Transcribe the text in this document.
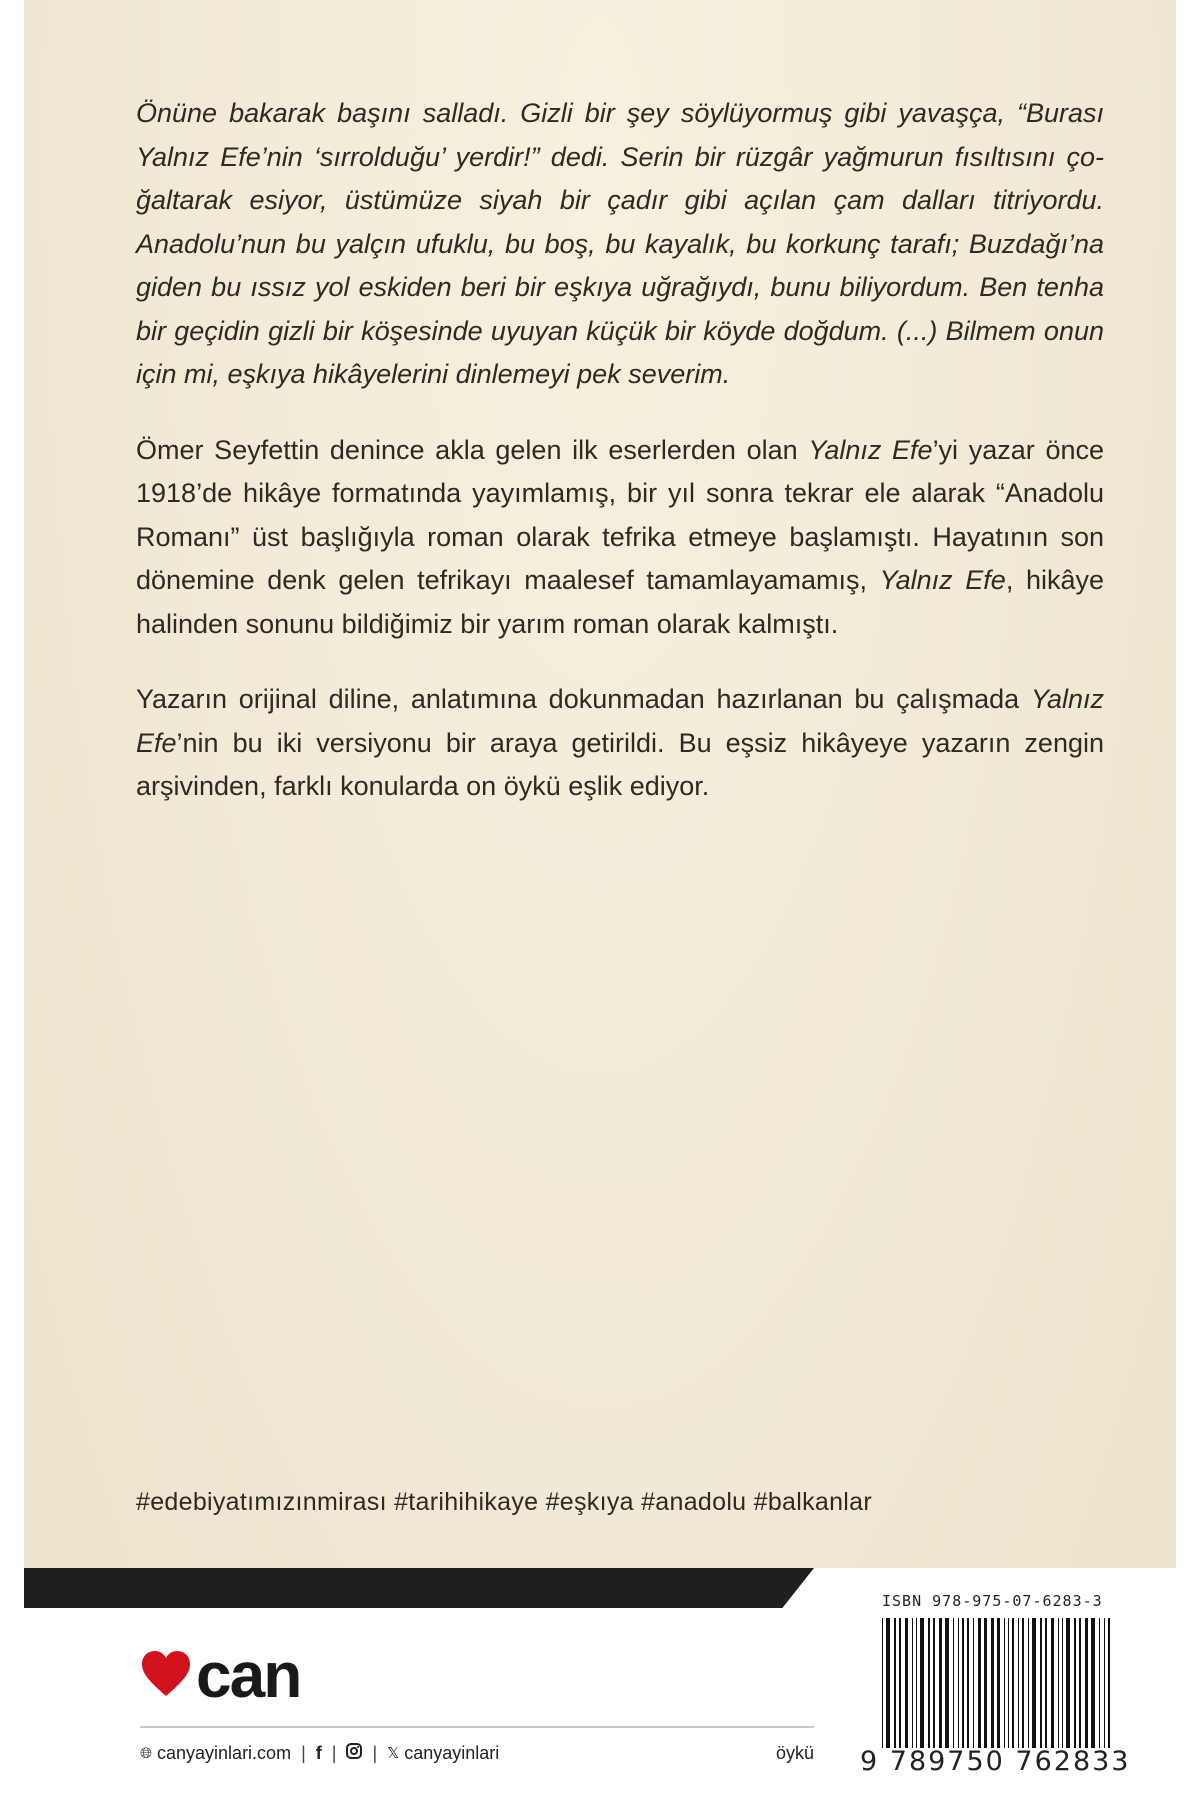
Önüne bakarak başını salladı. Gizli bir şey söylüyormuş gibi yavaşça, “Burası Yalnız Efe’nin ‘sırrolduğu’ yerdir!” dedi. Serin bir rüzgâr yağmurun fısıltısını çoğaltarak esiyor, üstümüze siyah bir çadır gibi açılan çam dalları titriyordu. Anadolu’nun bu yalçın ufuklu, bu boş, bu kayalık, bu korkunç tarafı; Buzdağı’na giden bu ıssız yol eskiden beri bir eşkıya uğrağıydı, bunu biliyordum. Ben tenha bir geçidin gizli bir köşesinde uyuyan küçük bir köyde doğdum. (...) Bilmem onun için mi, eşkıya hikâyelerini dinlemeyi pek severim.

Ömer Seyfettin denince akla gelen ilk eserlerden olan Yalnız Efe’yi yazar önce 1918’de hikâye formatında yayımlamış, bir yıl sonra tekrar ele alarak “Anadolu Romanı” üst başlığıyla roman olarak tefrika etmeye başlamıştı. Hayatının son dönemine denk gelen tefrikayı maalesef tamamlayamamış, Yalnız Efe, hikâye halinden sonunu bildiğimiz bir yarım roman olarak kalmıştı.

Yazarın orijinal diline, anlatımına dokunmadan hazırlanan bu çalışmada Yalnız Efe’nin bu iki versiyonu bir araya getirildi. Bu eşsiz hikâyeye yazarın zengin arşivinden, farklı konularda on öykü eşlik ediyor.

#edebiyatımızınmirası #tarihihikaye #eşkıya #anadolu #balkanlar
can
🌐︎ canyayinlari.com | f | | 𝕏 canyayinlari	öykü
ISBN 978-975-07-6283-3
9 789750 762833
